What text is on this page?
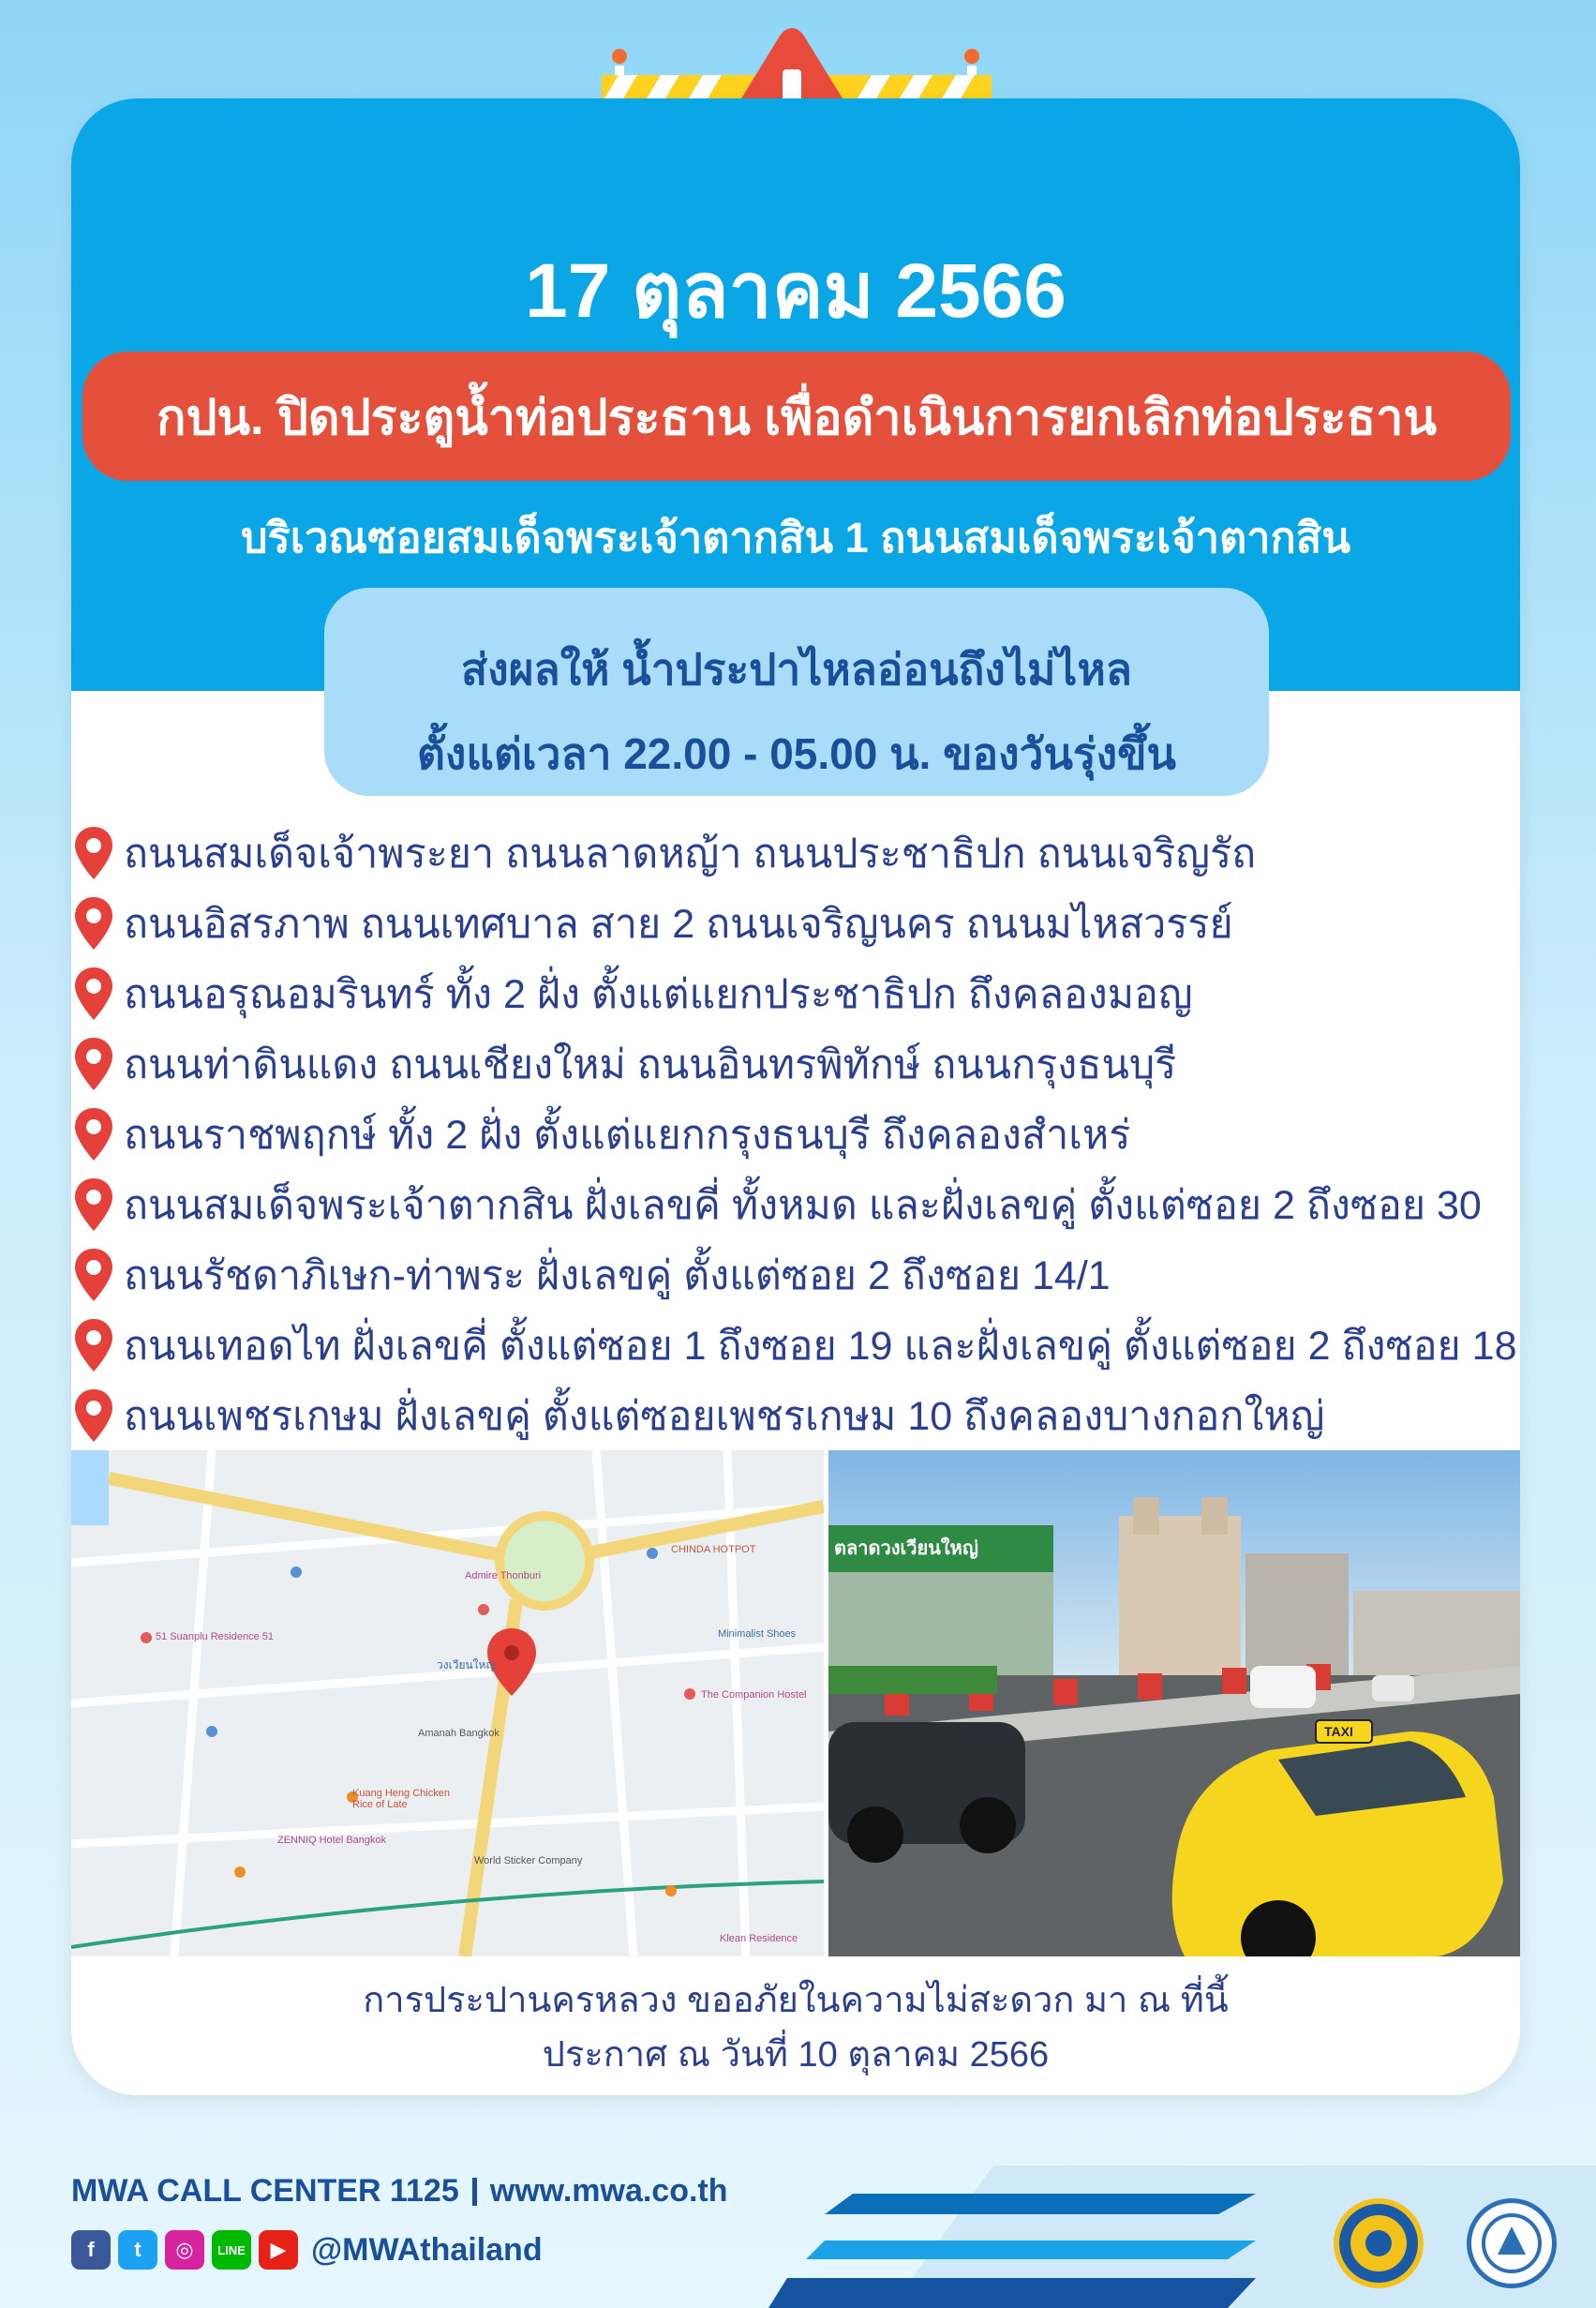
17 ตุลาคม 2566
กปน. ปิดประตูน้ำท่อประธาน เพื่อดำเนินการยกเลิกท่อประธาน
บริเวณซอยสมเด็จพระเจ้าตากสิน 1 ถนนสมเด็จพระเจ้าตากสิน
ส่งผลให้ น้ำประปาไหลอ่อนถึงไม่ไหล
ตั้งแต่เวลา 22.00 - 05.00 น. ของวันรุ่งขึ้น
ถนนสมเด็จเจ้าพระยา ถนนลาดหญ้า ถนนประชาธิปก ถนนเจริญรัถ
ถนนอิสรภาพ ถนนเทศบาล สาย 2 ถนนเจริญนคร ถนนมไหสวรรย์
ถนนอรุณอมรินทร์ ทั้ง 2 ฝั่ง ตั้งแต่แยกประชาธิปก ถึงคลองมอญ
ถนนท่าดินแดง ถนนเชียงใหม่ ถนนอินทรพิทักษ์ ถนนกรุงธนบุรี
ถนนราชพฤกษ์ ทั้ง 2 ฝั่ง ตั้งแต่แยกกรุงธนบุรี ถึงคลองสำเหร่
ถนนสมเด็จพระเจ้าตากสิน ฝั่งเลขคี่ ทั้งหมด และฝั่งเลขคู่ ตั้งแต่ซอย 2 ถึงซอย 30
ถนนรัชดาภิเษก-ท่าพระ ฝั่งเลขคู่ ตั้งแต่ซอย 2 ถึงซอย 14/1
ถนนเทอดไท ฝั่งเลขคี่ ตั้งแต่ซอย 1 ถึงซอย 19 และฝั่งเลขคู่ ตั้งแต่ซอย 2 ถึงซอย 18
ถนนเพชรเกษม ฝั่งเลขคู่ ตั้งแต่ซอยเพชรเกษม 10 ถึงคลองบางกอกใหญ่
วงเวียนใหญ่
Admire Thonburi
CHINDA HOTPOT
51 Suanplu Residence 51
Amanah Bangkok
ZENNIQ Hotel Bangkok
Kuang Heng Chicken Rice of Late
World Sticker Company
The Companion Hostel
Klean Residence
Minimalist Shoes
ตลาดวงเวียนใหญ่
TAXI
การประปานครหลวง ขออภัยในความไม่สะดวก มา ณ ที่นี้
ประกาศ ณ วันที่ 10 ตุลาคม 2566
MWA CALL CENTER 1125 www.mwa.co.th
f	t	◎	LINE	▶ @MWAthailand
